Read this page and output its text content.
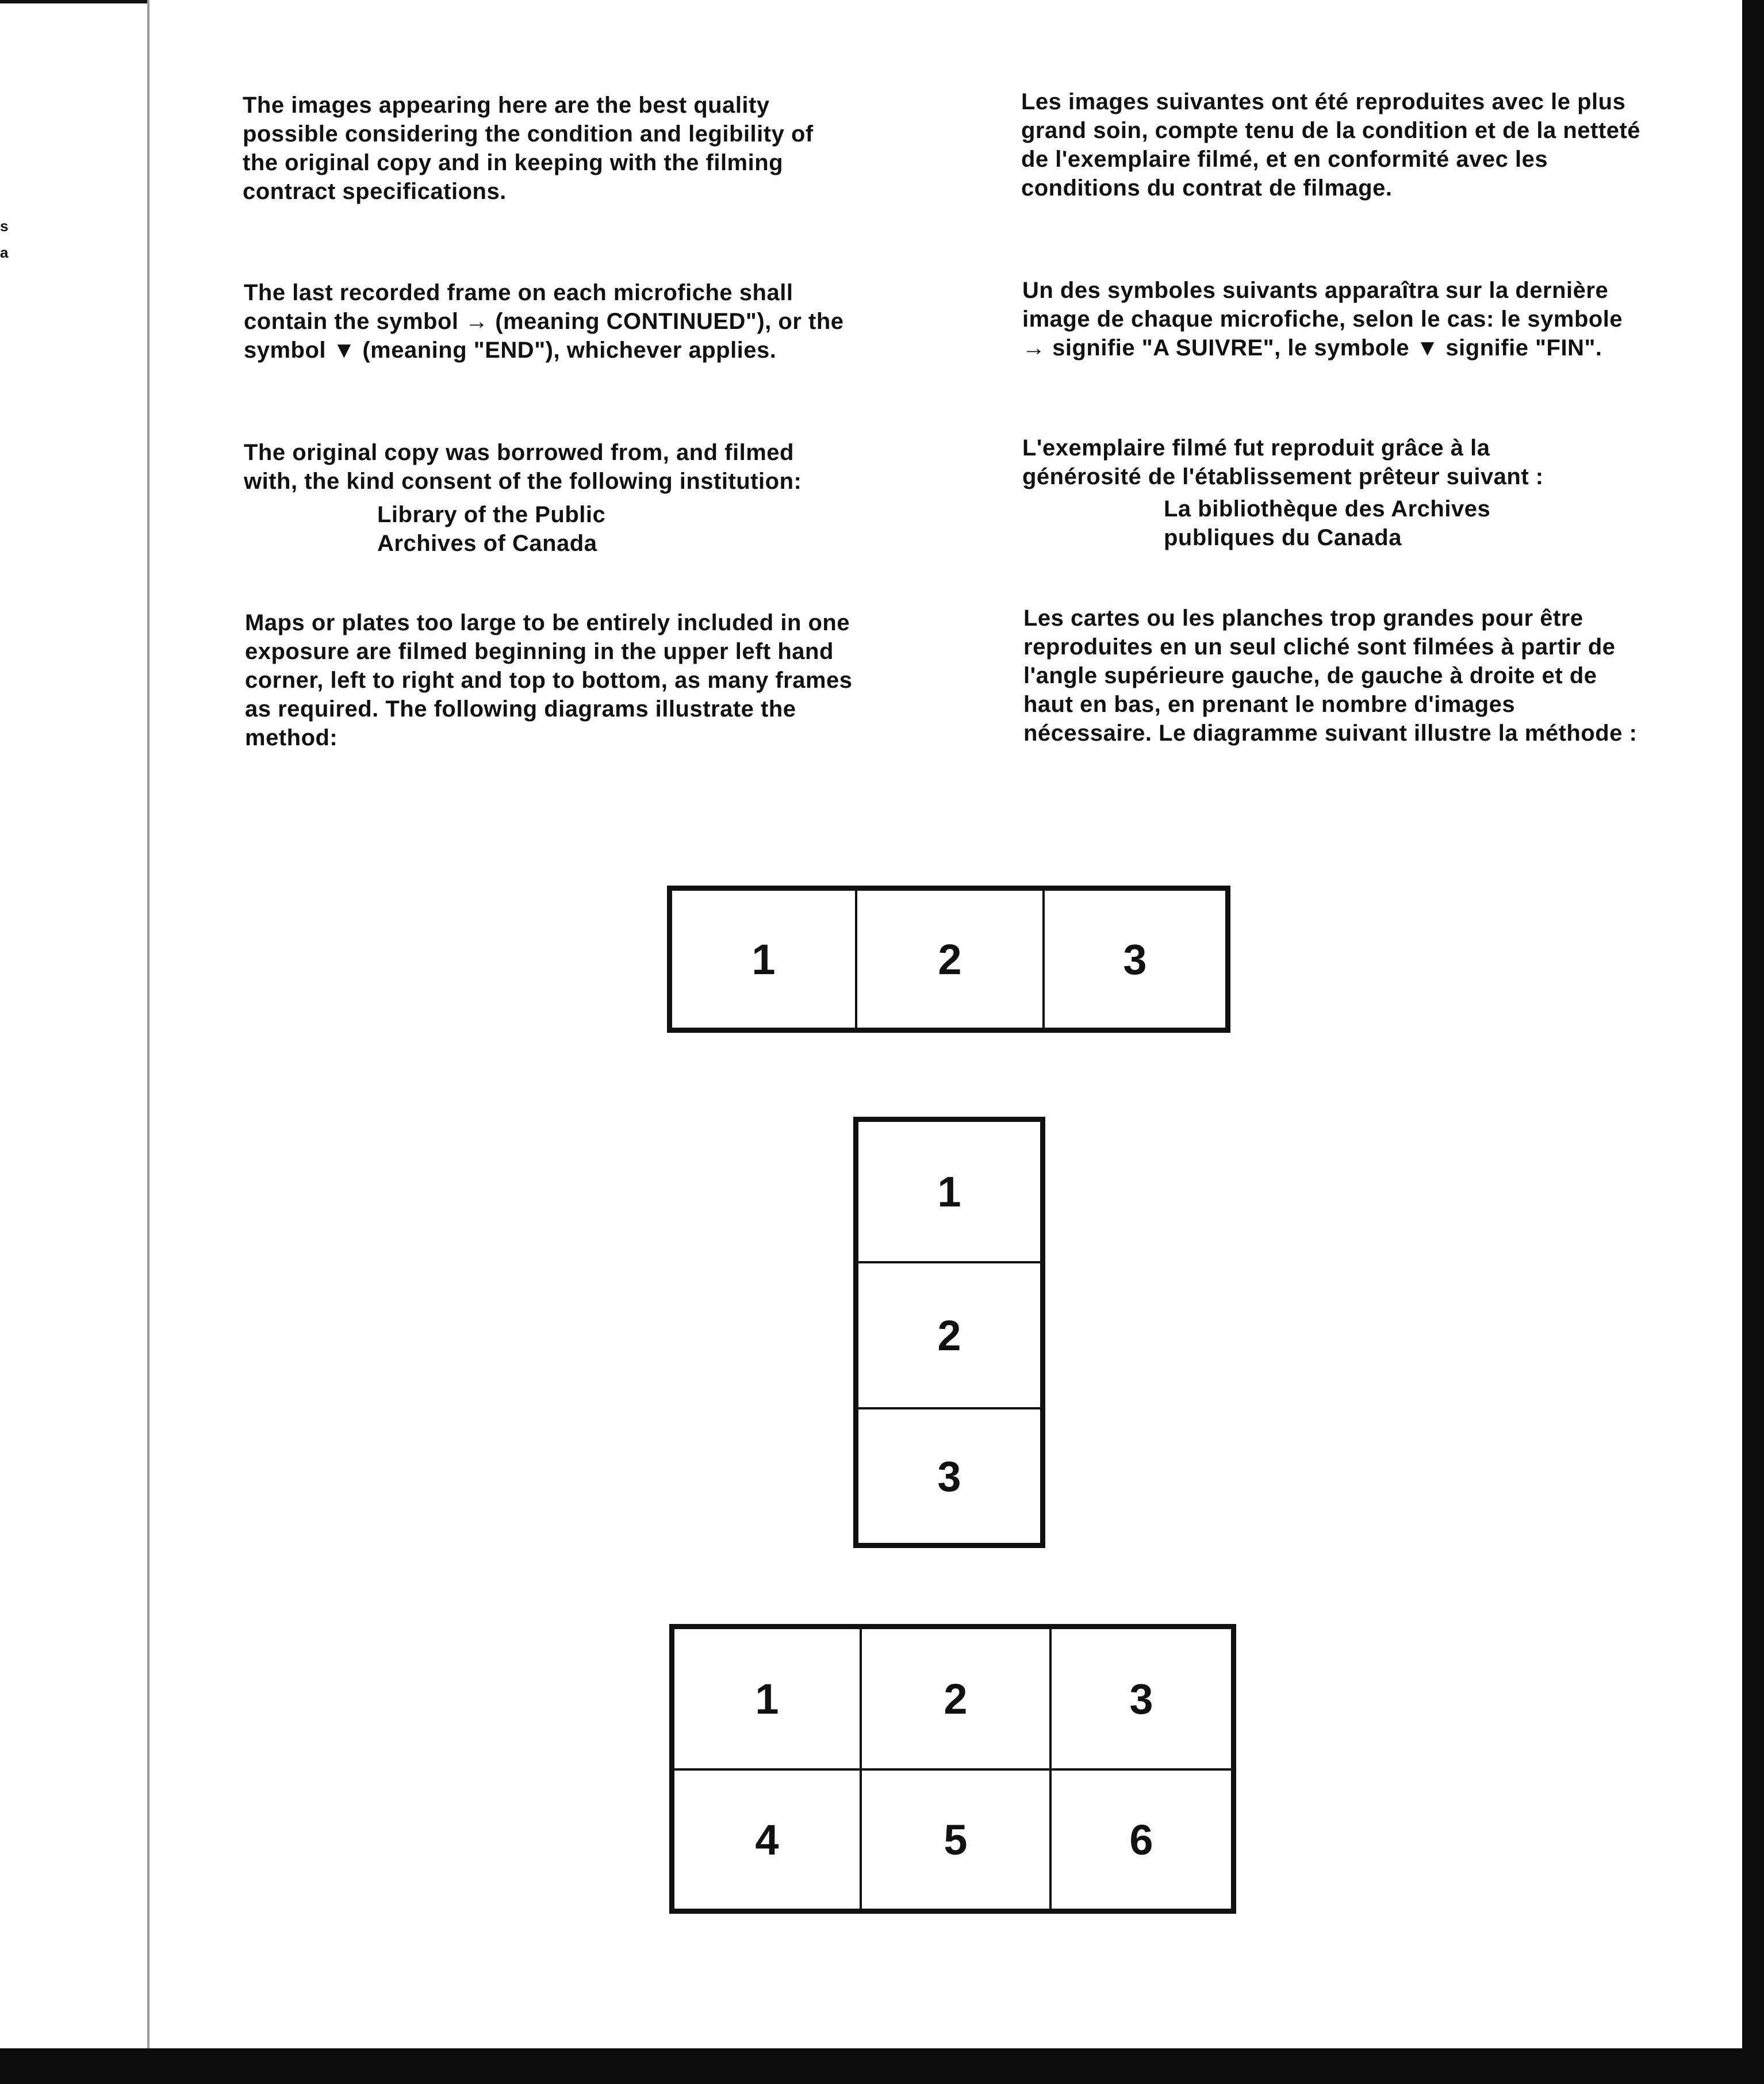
s
a

The images appearing here are the best quality possible considering the condition and legibility of the original copy and in keeping with the filming contract specifications.

The last recorded frame on each microfiche shall contain the symbol → (meaning CONTINUED"), or the symbol ▼ (meaning "END"), whichever applies.

The original copy was borrowed from, and filmed with, the kind consent of the following institution:

Library of the Public

Archives of Canada

Maps or plates too large to be entirely included in one exposure are filmed beginning in the upper left hand corner, left to right and top to bottom, as many frames as required. The following diagrams illustrate the method:

Les images suivantes ont été reproduites avec le plus grand soin, compte tenu de la condition et de la netteté de l'exemplaire filmé, et en conformité avec les conditions du contrat de filmage.

Un des symboles suivants apparaîtra sur la dernière image de chaque microfiche, selon le cas: le symbole → signifie "A SUIVRE", le symbole ▼ signifie "FIN".

L'exemplaire filmé fut reproduit grâce à la générosité de l'établissement prêteur suivant :

La bibliothèque des Archives

publiques du Canada

Les cartes ou les planches trop grandes pour être reproduites en un seul cliché sont filmées à partir de l'angle supérieure gauche, de gauche à droite et de haut en bas, en prenant le nombre d'images nécessaire. Le diagramme suivant illustre la méthode :

1	2	3
1
2
3
1	2	3
4	5	6
